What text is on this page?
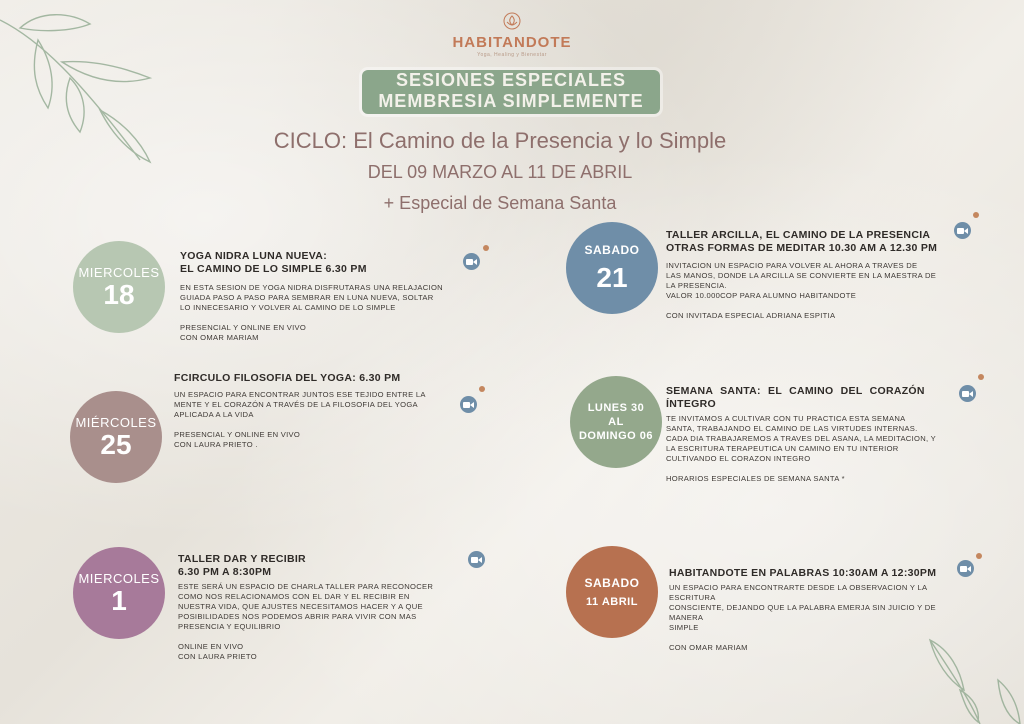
HABITANDOTE
Yoga, Healing y Bienestar
SESIONES ESPECIALES
MEMBRESIA SIMPLEMENTE
CICLO: El Camino de la Presencia y lo Simple
DEL 09 MARZO AL 11 DE ABRIL
+ Especial de Semana Santa
MIERCOLES
18
YOGA NIDRA LUNA NUEVA:
EL CAMINO DE LO SIMPLE 6.30 PM

EN ESTA SESION DE YOGA NIDRA DISFRUTARAS UNA RELAJACION

GUIADA PASO A PASO PARA SEMBRAR EN LUNA NUEVA, SOLTAR

LO INNECESARIO Y VOLVER AL CAMINO DE LO SIMPLE

PRESENCIAL Y ONLINE EN VIVO

CON OMAR MARIAM

MIÉRCOLES
25
FCIRCULO FILOSOFIA DEL YOGA: 6.30 PM

UN ESPACIO PARA ENCONTRAR JUNTOS ESE TEJIDO ENTRE LA

MENTE Y EL CORAZÓN A TRAVÉS DE LA FILOSOFIA DEL YOGA

APLICADA A LA VIDA

PRESENCIAL Y ONLINE EN VIVO

CON LAURA PRIETO .

MIERCOLES
1
TALLER DAR Y RECIBIR
6.30 PM A 8:30PM

ESTE SERÁ UN ESPACIO DE CHARLA TALLER PARA RECONOCER

COMO NOS RELACIONAMOS CON EL DAR Y EL RECIBIR EN

NUESTRA VIDA, QUE AJUSTES NECESITAMOS HACER Y A QUE

POSIBILIDADES NOS PODEMOS ABRIR PARA VIVIR CON MAS

PRESENCIA Y EQUILIBRIO

ONLINE EN VIVO

CON LAURA PRIETO

SABADO
21
TALLER ARCILLA, EL CAMINO DE LA PRESENCIA
OTRAS FORMAS DE MEDITAR 10.30 AM A 12.30 PM

INVITACION UN ESPACIO PARA VOLVER AL AHORA A TRAVES DE

LAS MANOS, DONDE LA ARCILLA SE CONVIERTE EN LA MAESTRA DE

LA PRESENCIA.

VALOR 10.000COP PARA ALUMNO HABITANDOTE

CON INVITADA ESPECIAL ADRIANA ESPITIA

LUNES 30
AL
DOMINGO 06
SEMANA SANTA: EL CAMINO DEL CORAZÓN
ÍNTEGRO

TE INVITAMOS A CULTIVAR CON TU PRACTICA ESTA SEMANA

SANTA, TRABAJANDO EL CAMINO DE LAS VIRTUDES INTERNAS.

CADA DIA TRABAJAREMOS A TRAVES DEL ASANA, LA MEDITACION, Y

LA ESCRITURA TERAPEUTICA UN CAMINO EN TU INTERIOR

CULTIVANDO EL CORAZON INTEGRO

HORARIOS ESPECIALES DE SEMANA SANTA *

SABADO
11 ABRIL
HABITANDOTE EN PALABRAS 10:30AM A 12:30PM

UN ESPACIO PARA ENCONTRARTE DESDE LA OBSERVACION Y LA ESCRITURA

CONSCIENTE, DEJANDO QUE LA PALABRA EMERJA SIN JUICIO Y DE MANERA

SIMPLE

CON OMAR MARIAM
